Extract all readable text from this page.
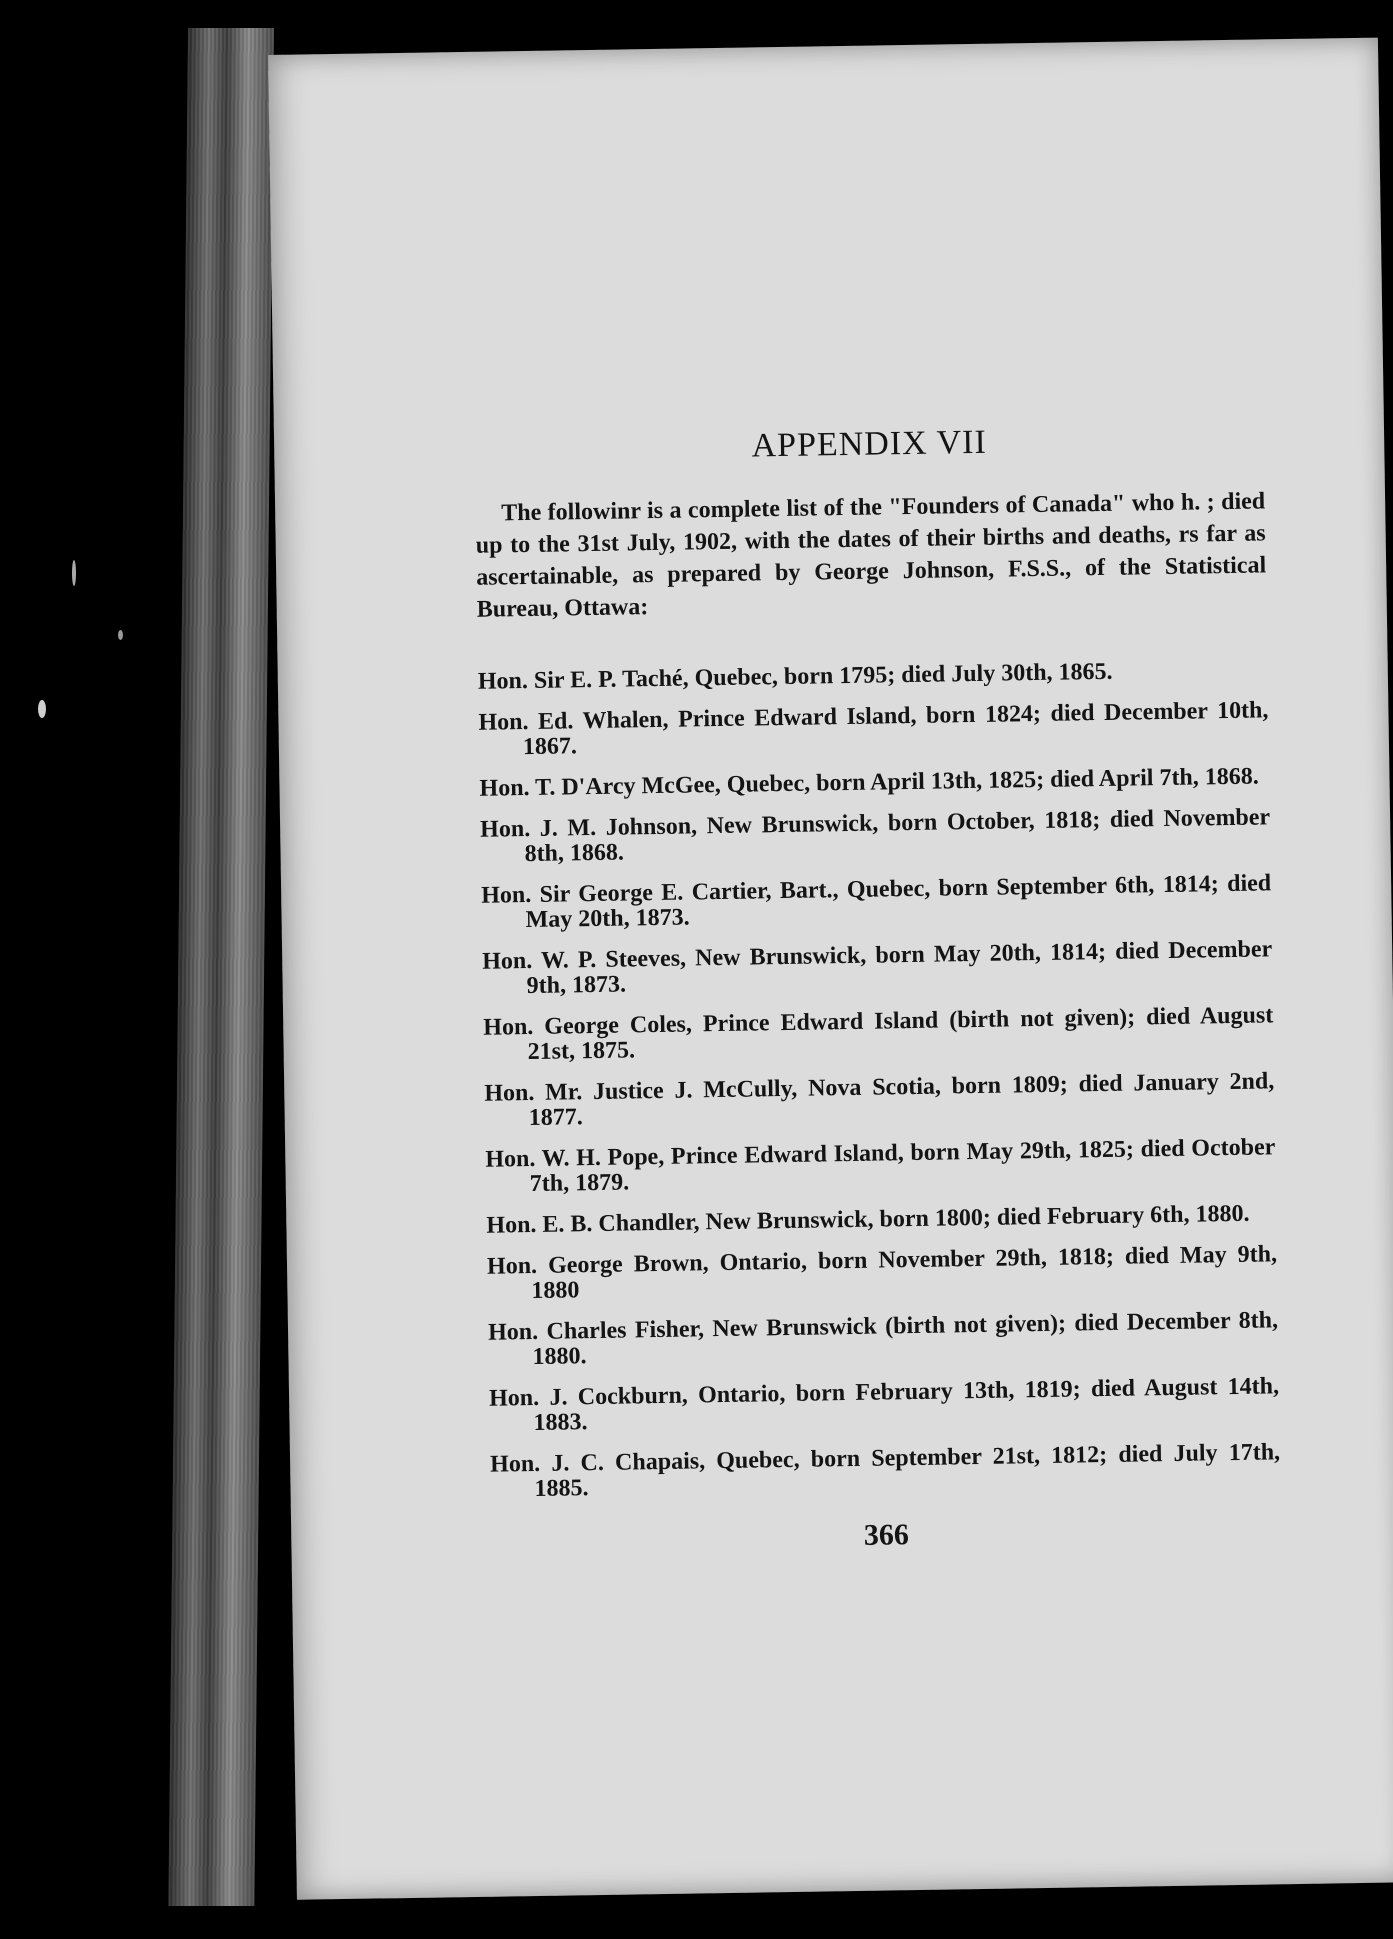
APPENDIX VII

The followinr is a complete list of the "Founders of Canada" who h. ; died up to the 31st July, 1902, with the dates of their births and deaths, rs far as ascertainable, as prepared by George Johnson, F.S.S., of the Statistical Bureau, Ottawa:

Hon. Sir E. P. Taché, Quebec, born 1795; died July 30th, 1865.
Hon. Ed. Whalen, Prince Edward Island, born 1824; died December 10th, 1867.
Hon. T. D'Arcy McGee, Quebec, born April 13th, 1825; died April 7th, 1868.
Hon. J. M. Johnson, New Brunswick, born October, 1818; died November 8th, 1868.
Hon. Sir George E. Cartier, Bart., Quebec, born September 6th, 1814; died May 20th, 1873.
Hon. W. P. Steeves, New Brunswick, born May 20th, 1814; died December 9th, 1873.
Hon. George Coles, Prince Edward Island (birth not given); died August 21st, 1875.
Hon. Mr. Justice J. McCully, Nova Scotia, born 1809; died January 2nd, 1877.
Hon. W. H. Pope, Prince Edward Island, born May 29th, 1825; died October 7th, 1879.
Hon. E. B. Chandler, New Brunswick, born 1800; died February 6th, 1880.
Hon. George Brown, Ontario, born November 29th, 1818; died May 9th, 1880
Hon. Charles Fisher, New Brunswick (birth not given); died December 8th, 1880.
Hon. J. Cockburn, Ontario, born February 13th, 1819; died August 14th, 1883.
Hon. J. C. Chapais, Quebec, born September 21st, 1812; died July 17th, 1885.
366
